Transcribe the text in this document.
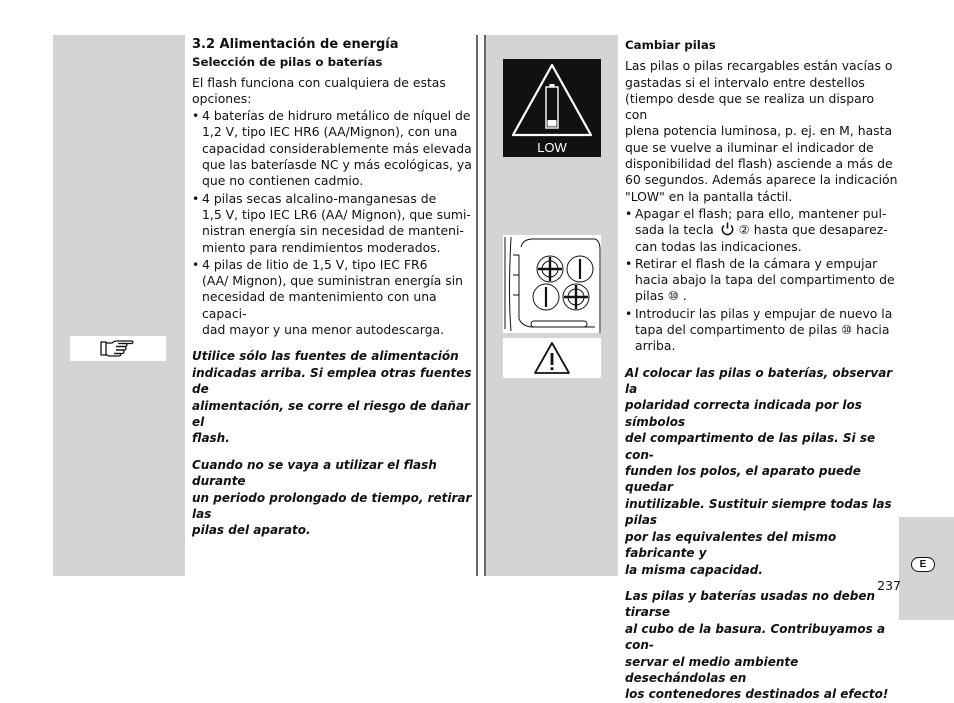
3.2 Alimentación de energía

Selección de pilas o baterías

El flash funciona con cualquiera de estas opciones:

• 4 baterías de hidruro metálico de níquel de
1,2 V, tipo IEC HR6 (AA/Mignon), con una
capacidad considerablemente más elevada
que las bateríasde NC y más ecológicas, ya
que no contienen cadmio.
• 4 pilas secas alcalino-manganesas de
1,5 V, tipo IEC LR6 (AA/ Mignon), que sumi-
nistran energía sin necesidad de manteni-
miento para rendimientos moderados.
• 4 pilas de litio de 1,5 V, tipo IEC FR6
(AA/ Mignon), que suministran energía sin
necesidad de mantenimiento con una capaci-
dad mayor y una menor autodescarga.

Utilice sólo las fuentes de alimentación
indicadas arriba. Si emplea otras fuentes de
alimentación, se corre el riesgo de dañar el
flash.

Cuando no se vaya a utilizar el flash durante
un periodo prolongado de tiempo, retirar las
pilas del aparato.

LOW

Cambiar pilas

Las pilas o pilas recargables están vacías o
gastadas si el intervalo entre destellos
(tiempo desde que se realiza un disparo con
plena potencia luminosa, p. ej. en M, hasta
que se vuelve a iluminar el indicador de
disponibilidad del flash) asciende a más de
60 segundos. Además aparece la indicación
"LOW" en la pantalla táctil.

• Apagar el flash; para ello, mantener pul-
sada la tecla ② hasta que desaparez-
can todas las indicaciones.
• Retirar el flash de la cámara y empujar
hacia abajo la tapa del compartimento de
pilas ⑩ .
• Introducir las pilas y empujar de nuevo la
tapa del compartimento de pilas ⑩ hacia
arriba.

Al colocar las pilas o baterías, observar la
polaridad correcta indicada por los símbolos
del compartimento de las pilas. Si se con-
funden los polos, el aparato puede quedar
inutilizable. Sustituir siempre todas las pilas
por las equivalentes del mismo fabricante y
la misma capacidad.

Las pilas y baterías usadas no deben tirarse
al cubo de la basura. Contribuyamos a con-
servar el medio ambiente desechándolas en
los contenedores destinados al efecto!

E
237
